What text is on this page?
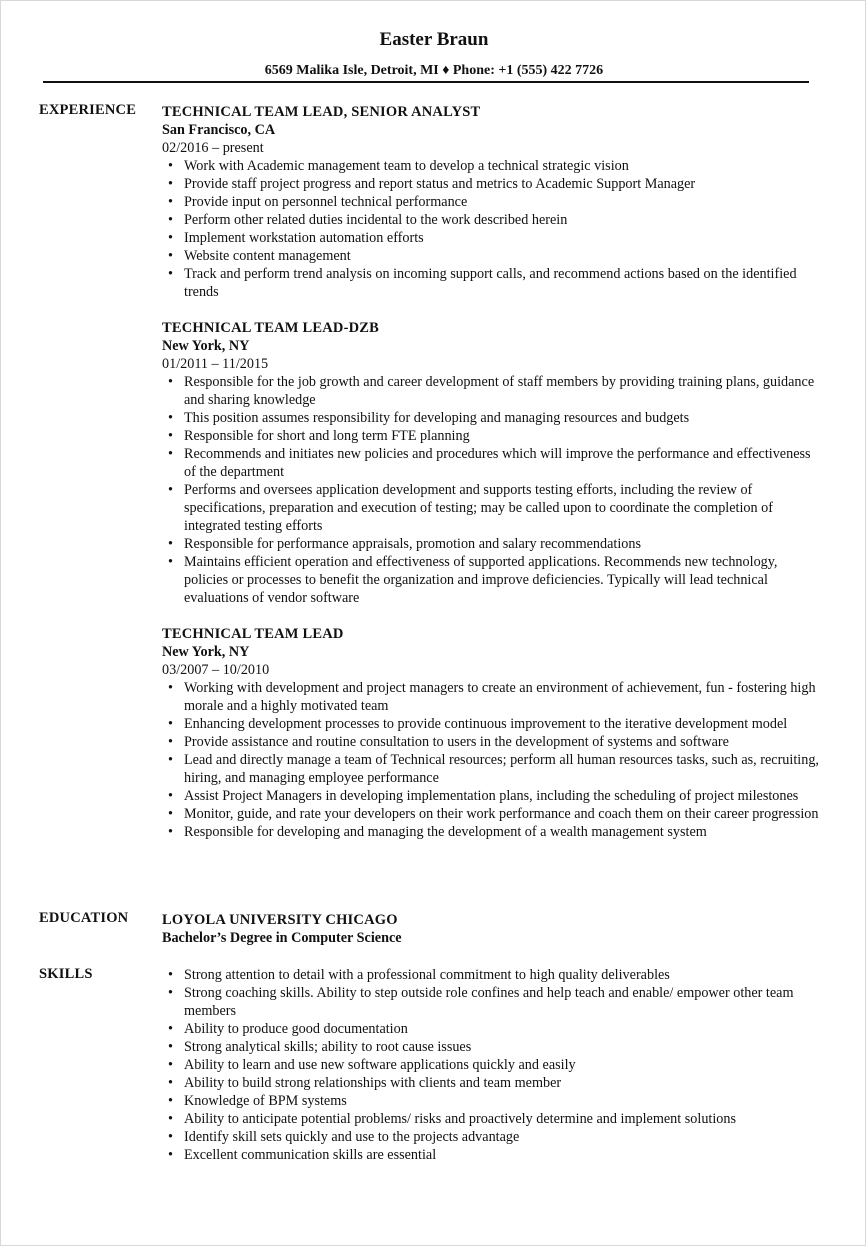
Easter Braun
6569 Malika Isle, Detroit, MI ♦ Phone: +1 (555) 422 7726
EXPERIENCE TECHNICAL TEAM LEAD, SENIOR ANALYST
San Francisco, CA
02/2016 – present
• Work with Academic management team to develop a technical strategic vision
• Provide staff project progress and report status and metrics to Academic Support Manager
• Provide input on personnel technical performance
• Perform other related duties incidental to the work described herein
• Implement workstation automation efforts
• Website content management
• Track and perform trend analysis on incoming support calls, and recommend actions based on the identified trends
TECHNICAL TEAM LEAD-DZB
New York, NY
01/2011 – 11/2015
• Responsible for the job growth and career development of staff members by providing training plans, guidance and sharing knowledge
• This position assumes responsibility for developing and managing resources and budgets
• Responsible for short and long term FTE planning
• Recommends and initiates new policies and procedures which will improve the performance and effectiveness of the department
• Performs and oversees application development and supports testing efforts, including the review of specifications, preparation and execution of testing; may be called upon to coordinate the completion of integrated testing efforts
• Responsible for performance appraisals, promotion and salary recommendations
• Maintains efficient operation and effectiveness of supported applications. Recommends new technology, policies or processes to benefit the organization and improve deficiencies. Typically will lead technical evaluations of vendor software
TECHNICAL TEAM LEAD
New York, NY
03/2007 – 10/2010
• Working with development and project managers to create an environment of achievement, fun - fostering high morale and a highly motivated team
• Enhancing development processes to provide continuous improvement to the iterative development model
• Provide assistance and routine consultation to users in the development of systems and software
• Lead and directly manage a team of Technical resources; perform all human resources tasks, such as, recruiting, hiring, and managing employee performance
• Assist Project Managers in developing implementation plans, including the scheduling of project milestones
• Monitor, guide, and rate your developers on their work performance and coach them on their career progression
• Responsible for developing and managing the development of a wealth management system
EDUCATION LOYOLA UNIVERSITY CHICAGO
Bachelor’s Degree in Computer Science
SKILLS
•	Strong attention to detail with a professional commitment to high quality deliverables
• Strong coaching skills. Ability to step outside role confines and help teach and enable/ empower other team members
• Ability to produce good documentation
• Strong analytical skills; ability to root cause issues
• Ability to learn and use new software applications quickly and easily
• Ability to build strong relationships with clients and team member
• Knowledge of BPM systems
• Ability to anticipate potential problems/ risks and proactively determine and implement solutions
• Identify skill sets quickly and use to the projects advantage
• Excellent communication skills are essential
